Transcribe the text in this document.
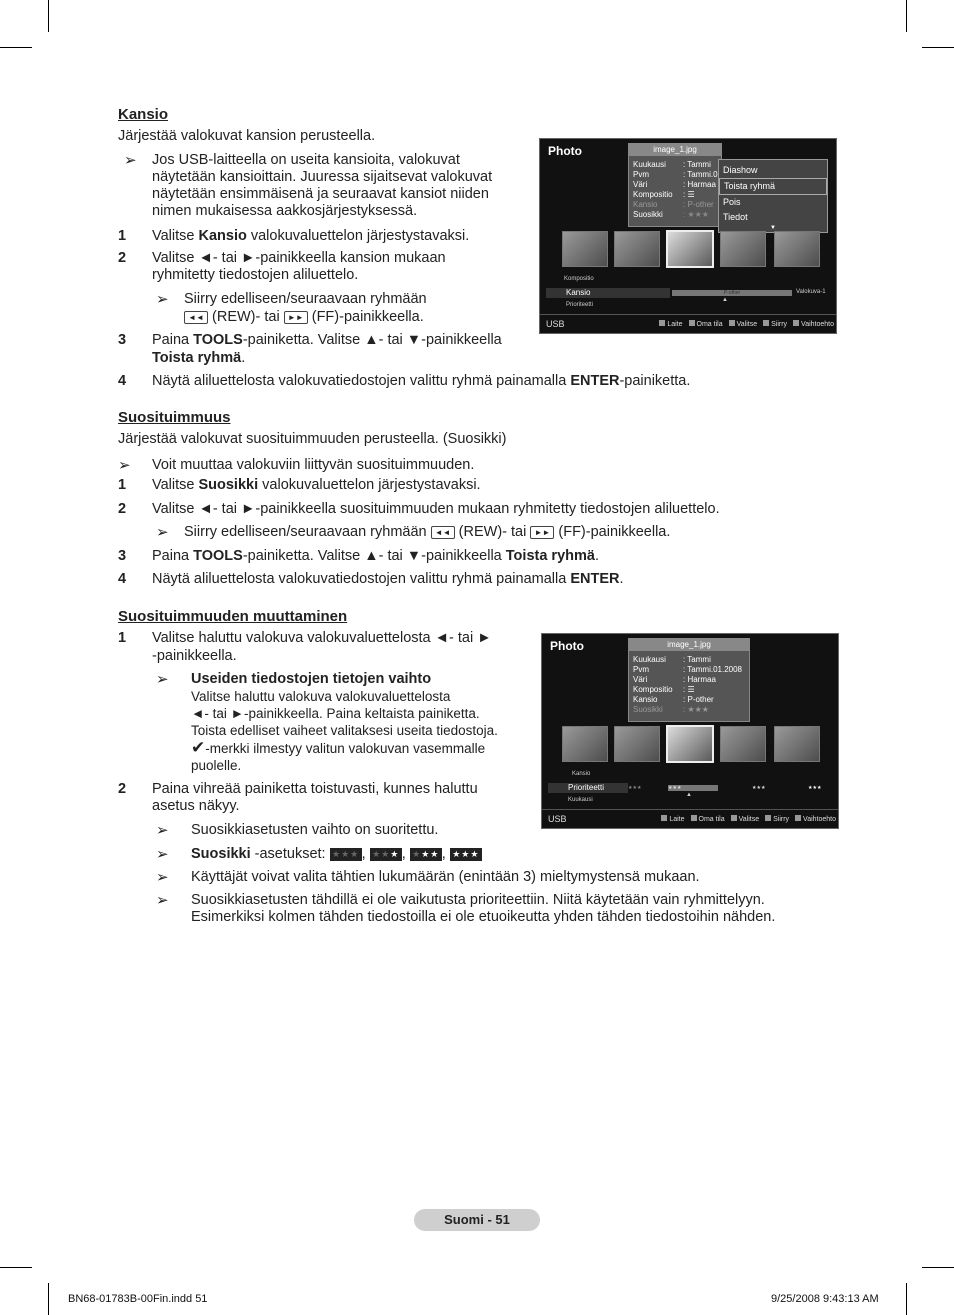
Kansio
Järjestää valokuvat kansion perusteella.
➢ Jos USB-laitteella on useita kansioita, valokuvat
näytetään kansioittain. Juuressa sijaitsevat valokuvat
näytetään ensimmäisenä ja seuraavat kansiot niiden
nimen mukaisessa aakkosjärjestyksessä.
1 Valitse Kansio valokuvaluettelon järjestystavaksi.
2 Valitse ◄- tai ►-painikkeella kansion mukaan
ryhmitetty tiedostojen aliluettelo.
➢ Siirry edelliseen/seuraavaan ryhmään
◄◄ (REW)- tai ►► (FF)-painikkeella.
3 Paina TOOLS-painiketta. Valitse ▲- tai ▼-painikkeella
Toista ryhmä.
4 Näytä aliluettelosta valokuvatiedostojen valittu ryhmä painamalla ENTER-painiketta.
Photo	image_1.jpg
Kuukausi	: Tammi
Pvm	: Tammi.0
Väri	: Harmaa
Kompositio	: ☰
Kansio	: P-other
Suosikki	: ★★★
Diashow
Toista ryhmä
Pois
Tiedot
▼
Kompositio
Kansio	P-other	Valokuva-1
Prioriteetti
▲
USB	Laite	Oma tila	Valitse	Siirry	Vaihtoehto
Suosituimmuus
Järjestää valokuvat suosituimmuuden perusteella. (Suosikki)
➢ Voit muuttaa valokuviin liittyvän suosituimmuuden.
1 Valitse Suosikki valokuvaluettelon järjestystavaksi.
2 Valitse ◄- tai ►-painikkeella suosituimmuuden mukaan ryhmitetty tiedostojen aliluettelo.
➢ Siirry edelliseen/seuraavaan ryhmään ◄◄ (REW)- tai ►► (FF)-painikkeella.
3 Paina TOOLS-painiketta. Valitse ▲- tai ▼-painikkeella Toista ryhmä.
4 Näytä aliluettelosta valokuvatiedostojen valittu ryhmä painamalla ENTER.
Suosituimmuuden muuttaminen
1 Valitse haluttu valokuva valokuvaluettelosta ◄- tai ►
-painikkeella.
➢ Useiden tiedostojen tietojen vaihto
Valitse haluttu valokuva valokuvaluettelosta
◄- tai ►-painikkeella. Paina keltaista painiketta.
Toista edelliset vaiheet valitaksesi useita tiedostoja.
✔-merkki ilmestyy valitun valokuvan vasemmalle
puolelle.
2 Paina vihreää painiketta toistuvasti, kunnes haluttu
asetus näkyy.
➢ Suosikkiasetusten vaihto on suoritettu.
➢ Suosikki -asetukset: ★★★ , ★★★ , ★★★ , ★★★
➢ Käyttäjät voivat valita tähtien lukumäärän (enintään 3) mieltymystensä mukaan.
➢ Suosikkiasetusten tähdillä ei ole vaikutusta prioriteettiin. Niitä käytetään vain ryhmittelyyn.
Esimerkiksi kolmen tähden tiedostoilla ei ole etuoikeutta yhden tähden tiedostoihin nähden.
Photo	image_1.jpg
Kuukausi	: Tammi
Pvm	: Tammi.01.2008
Väri	: Harmaa
Kompositio	: ☰
Kansio	: P-other
Suosikki	: ★★★
Kansio
Prioriteetti	★★★	★★★	★★★	★★★
Kuukausi
▲
USB	Laite	Oma tila	Valitse	Siirry	Vaihtoehto
Suomi - 51
BN68-01783B-00Fin.indd 51	9/25/2008 9:43:13 AM
